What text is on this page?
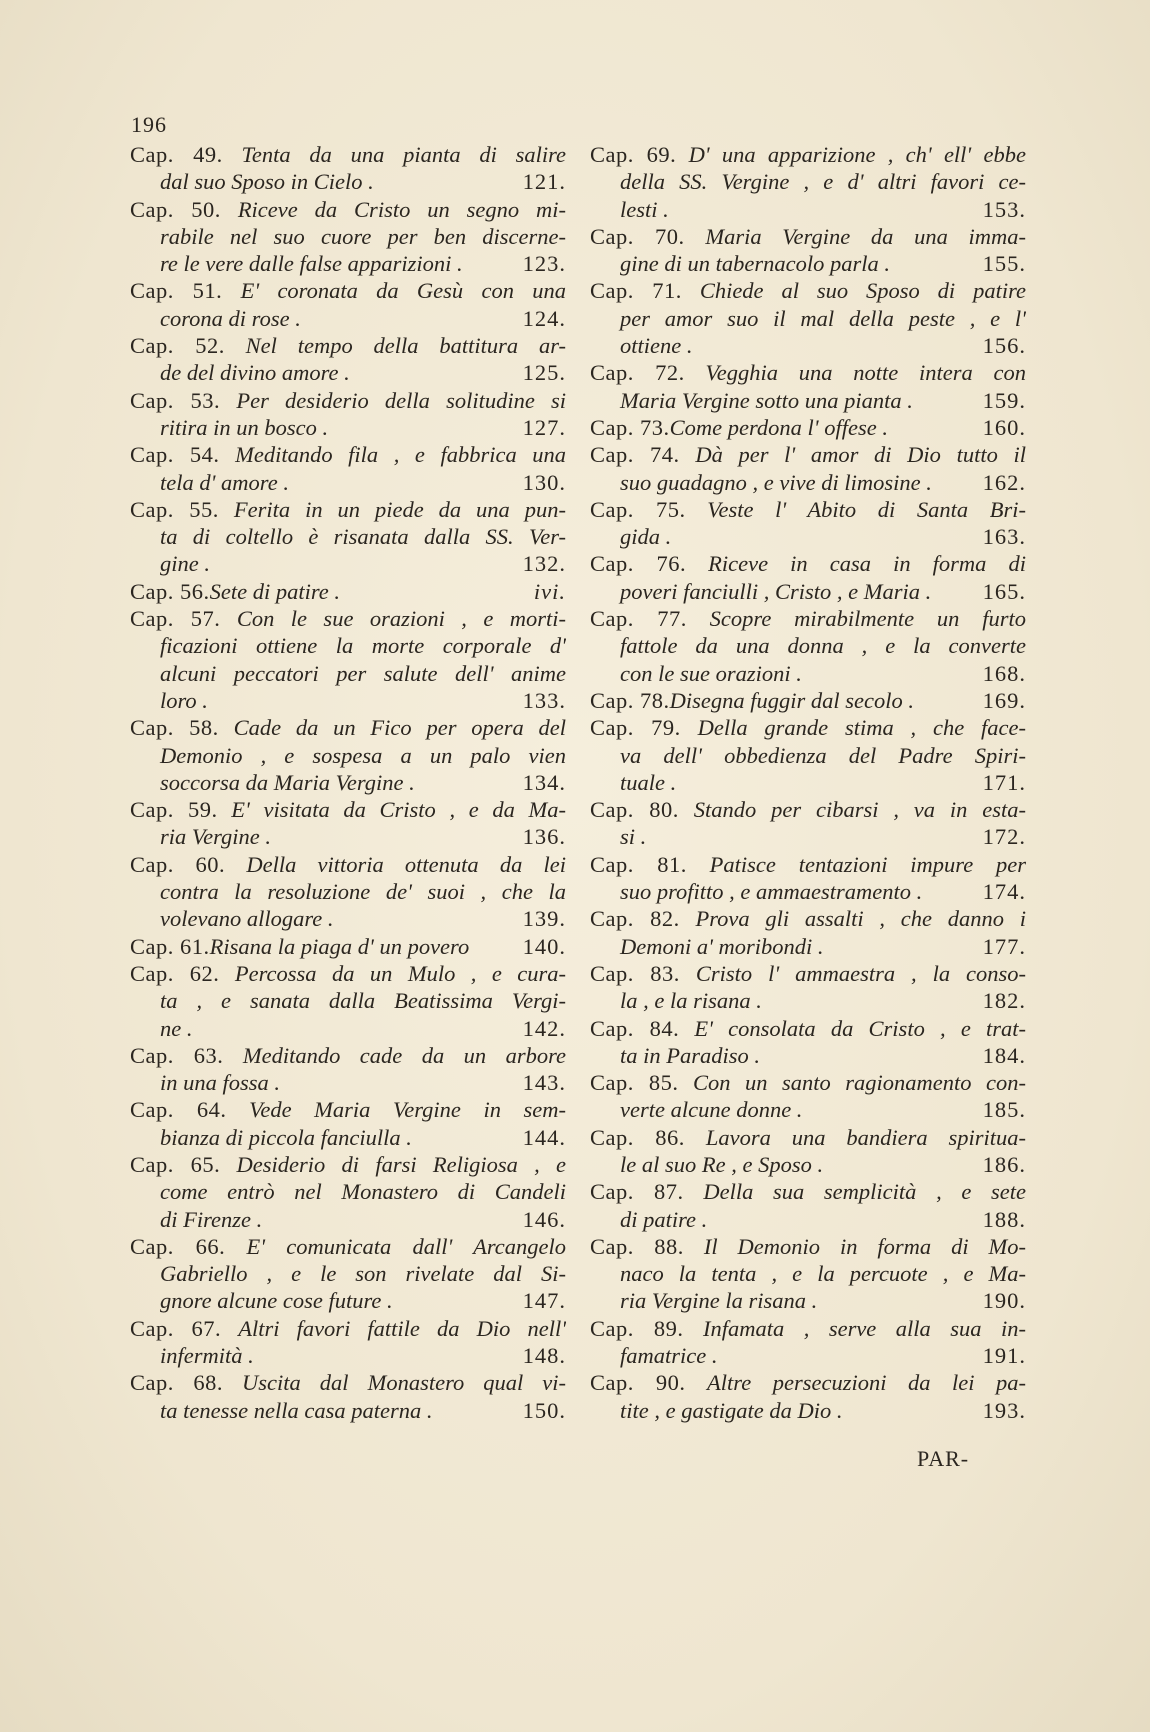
196
Cap. 49. Tenta da una pianta di salire
dal suo Sposo in Cielo .	121.
Cap. 50. Riceve da Cristo un segno mi-
rabile nel suo cuore per ben discerne-
re le vere dalle false apparizioni .	123.
Cap. 51. E' coronata da Gesù con una
corona di rose .	124.
Cap. 52. Nel tempo della battitura ar-
de del divino amore .	125.
Cap. 53. Per desiderio della solitudine si
ritira in un bosco .	127.
Cap. 54. Meditando fila , e fabbrica una
tela d' amore .	130.
Cap. 55. Ferita in un piede da una pun-
ta di coltello è risanata dalla SS. Ver-
gine .	132.
Cap. 56. Sete di patire .	ivi.
Cap. 57. Con le sue orazioni , e morti-
ficazioni ottiene la morte corporale d'
alcuni peccatori per salute dell' anime
loro .	133.
Cap. 58. Cade da un Fico per opera del
Demonio , e sospesa a un palo vien
soccorsa da Maria Vergine .	134.
Cap. 59. E' visitata da Cristo , e da Ma-
ria Vergine .	136.
Cap. 60. Della vittoria ottenuta da lei
contra la resoluzione de' suoi , che la
volevano allogare .	139.
Cap. 61. Risana la piaga d' un povero 140.
Cap. 62. Percossa da un Mulo , e cura-
ta , e sanata dalla Beatissima Vergi-
ne .	142.
Cap. 63. Meditando cade da un arbore
in una fossa .	143.
Cap. 64. Vede Maria Vergine in sem-
bianza di piccola fanciulla .	144.
Cap. 65. Desiderio di farsi Religiosa , e
come entrò nel Monastero di Candeli
di Firenze .	146.
Cap. 66. E' comunicata dall' Arcangelo
Gabriello , e le son rivelate dal Si-
gnore alcune cose future .	147.
Cap. 67. Altri favori fattile da Dio nell'
infermità .	148.
Cap. 68. Uscita dal Monastero qual vi-
ta tenesse nella casa paterna .	150.
Cap. 69. D' una apparizione , ch' ell' ebbe
della SS. Vergine , e d' altri favori ce-
lesti .	153.
Cap. 70. Maria Vergine da una imma-
gine di un tabernacolo parla .	155.
Cap. 71. Chiede al suo Sposo di patire
per amor suo il mal della peste , e l'
ottiene .	156.
Cap. 72. Vegghia una notte intera con
Maria Vergine sotto una pianta .	159.
Cap. 73. Come perdona l' offese .	160.
Cap. 74. Dà per l' amor di Dio tutto il
suo guadagno , e vive di limosine . 162.
Cap. 75. Veste l' Abito di Santa Bri-
gida .	163.
Cap. 76. Riceve in casa in forma di
poveri fanciulli , Cristo , e Maria . 165.
Cap. 77. Scopre mirabilmente un furto
fattole da una donna , e la converte
con le sue orazioni .	168.
Cap. 78. Disegna fuggir dal secolo .	169.
Cap. 79. Della grande stima , che face-
va dell' obbedienza del Padre Spiri-
tuale .	171.
Cap. 80. Stando per cibarsi , va in esta-
si .	172.
Cap. 81. Patisce tentazioni impure per
suo profitto , e ammaestramento .	174.
Cap. 82. Prova gli assalti , che danno i
Demoni a' moribondi .	177.
Cap. 83. Cristo l' ammaestra , la conso-
la , e la risana .	182.
Cap. 84. E' consolata da Cristo , e trat-
ta in Paradiso .	184.
Cap. 85. Con un santo ragionamento con-
verte alcune donne .	185.
Cap. 86. Lavora una bandiera spiritua-
le al suo Re , e Sposo .	186.
Cap. 87. Della sua semplicità , e sete
di patire .	188.
Cap. 88. Il Demonio in forma di Mo-
naco la tenta , e la percuote , e Ma-
ria Vergine la risana .	190.
Cap. 89. Infamata , serve alla sua in-
famatrice .	191.
Cap. 90. Altre persecuzioni da lei pa-
tite , e gastigate da Dio .	193.
PAR-
